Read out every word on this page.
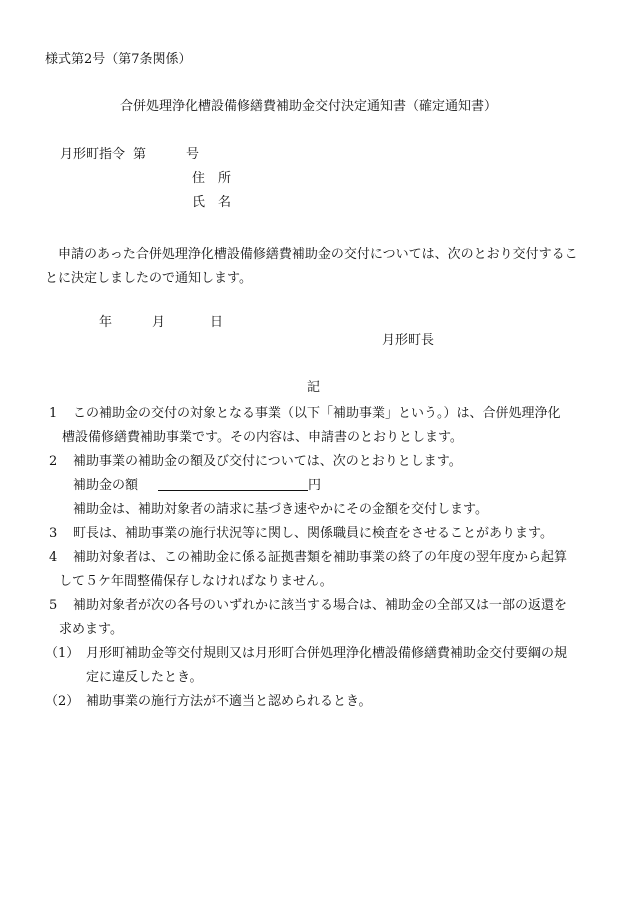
様式第2号（第7条関係）
合併処理浄化槽設備修繕費補助金交付決定通知書（確定通知書）
月形町指令 第	号
住　所
氏　名
申請のあった合併処理浄化槽設備修繕費補助金の交付については、次のとおり交付することに決定しましたので通知します。
年	月	日
月形町長
記
1 この補助金の交付の対象となる事業（以下「補助事業」という。）は、合併処理浄化
槽設備修繕費補助事業です。その内容は、申請書のとおりとします。
2 補助事業の補助金の額及び交付については、次のとおりとします。
補助金の額	円
補助金は、補助対象者の請求に基づき速やかにその金額を交付します。
3 町長は、補助事業の施行状況等に関し、関係職員に検査をさせることがあります。
4 補助対象者は、この補助金に係る証拠書類を補助事業の終了の年度の翌年度から起算
して５ケ年間整備保存しなければなりません。
5 補助対象者が次の各号のいずれかに該当する場合は、補助金の全部又は一部の返還を
求めます。
（1） 月形町補助金等交付規則又は月形町合併処理浄化槽設備修繕費補助金交付要綱の規
定に違反したとき。
（2） 補助事業の施行方法が不適当と認められるとき。
